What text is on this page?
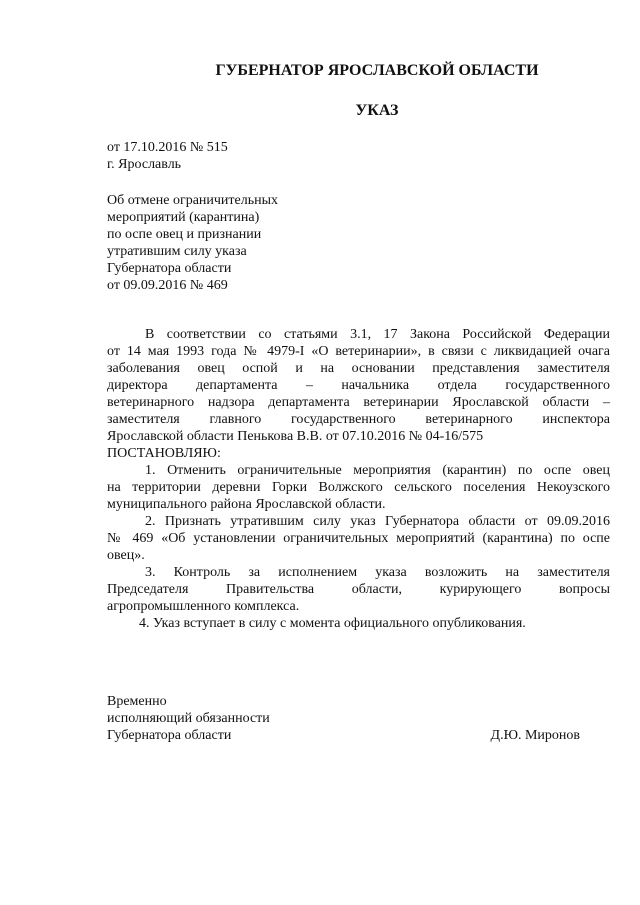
ГУБЕРНАТОР ЯРОСЛАВСКОЙ ОБЛАСТИ
УКАЗ
от 17.10.2016 № 515
г. Ярославль
Об отмене ограничительных
мероприятий (карантина)
по оспе овец и признании
утратившим силу указа
Губернатора области
от 09.09.2016 № 469
В соответствии со статьями 3.1, 17 Закона Российской Федерации
от 14 мая 1993 года № 4979-I «О ветеринарии», в связи с ликвидацией очага
заболевания овец оспой и на основании представления заместителя
директора департамента – начальника отдела государственного
ветеринарного надзора департамента ветеринарии Ярославской области –
заместителя главного государственного ветеринарного инспектора
Ярославской области Пенькова В.В. от 07.10.2016 № 04-16/575
ПОСТАНОВЛЯЮ:
1. Отменить ограничительные мероприятия (карантин) по оспе овец
на территории деревни Горки Волжского сельского поселения Некоузского
муниципального района Ярославской области.
2. Признать утратившим силу указ Губернатора области от 09.09.2016
№ 469 «Об установлении ограничительных мероприятий (карантина) по оспе
овец».
3. Контроль за исполнением указа возложить на заместителя
Председателя Правительства области, курирующего вопросы
агропромышленного комплекса.
4. Указ вступает в силу с момента официального опубликования.
Временно
исполняющий обязанности
Губернатора области	Д.Ю. Миронов
